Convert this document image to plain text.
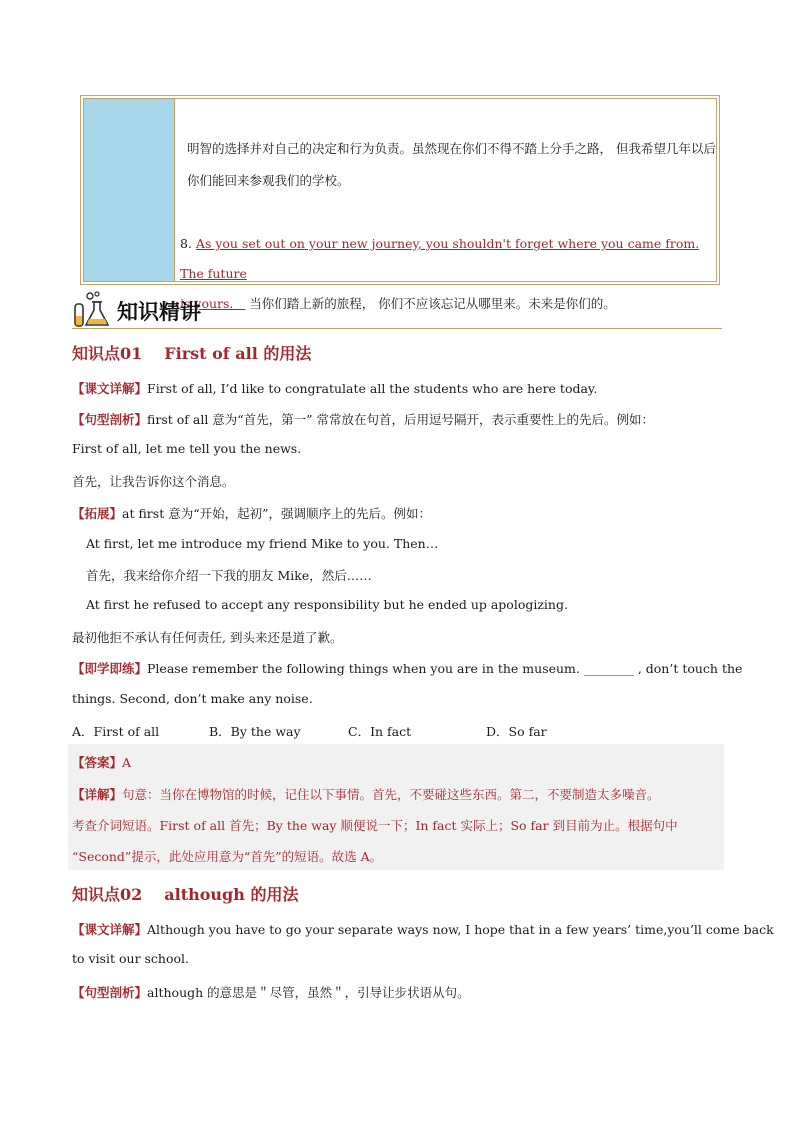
明智的选择并对自己的决定和行为负责。虽然现在你们不得不踏上分手之路， 但我希望几年以后你们能回来参观我们的学校。
8. As you set out on your new journey, you shouldn't forget where you came from. The future
is yours. 当你们踏上新的旅程， 你们不应该忘记从哪里来。未来是你们的。
知识精讲
知识点01 First of all 的用法
【课文详解】First of all, I’d like to congratulate all the students who are here today.
【句型剖析】first of all 意为“首先，第一” 常常放在句首，后用逗号隔开，表示重要性上的先后。例如：
First of all, let me tell you the news.
首先，让我告诉你这个消息。
【拓展】at first 意为“开始，起初”，强调顺序上的先后。例如：
At first, let me introduce my friend Mike to you. Then…
首先，我来给你介绍一下我的朋友 Mike，然后……
At first he refused to accept any responsibility but he ended up apologizing.
最初他拒不承认有任何责任, 到头来还是道了歉。
【即学即练】Please remember the following things when you are in the museum. ________ , don’t touch the
things. Second, don’t make any noise.
A．First of all	B．By the way	C．In fact	D．So far
【答案】A
【详解】句意：当你在博物馆的时候，记住以下事情。首先，不要碰这些东西。第二，不要制造太多噪音。
考查介词短语。First of all 首先；By the way 顺便说一下；In fact 实际上；So far 到目前为止。根据句中
“Second”提示，此处应用意为“首先”的短语。故选 A。
知识点02 although 的用法
【课文详解】Although you have to go your separate ways now, I hope that in a few years’ time,you’ll come back
to visit our school.
【句型剖析】although 的意思是＂尽管，虽然＂，引导让步状语从句。
